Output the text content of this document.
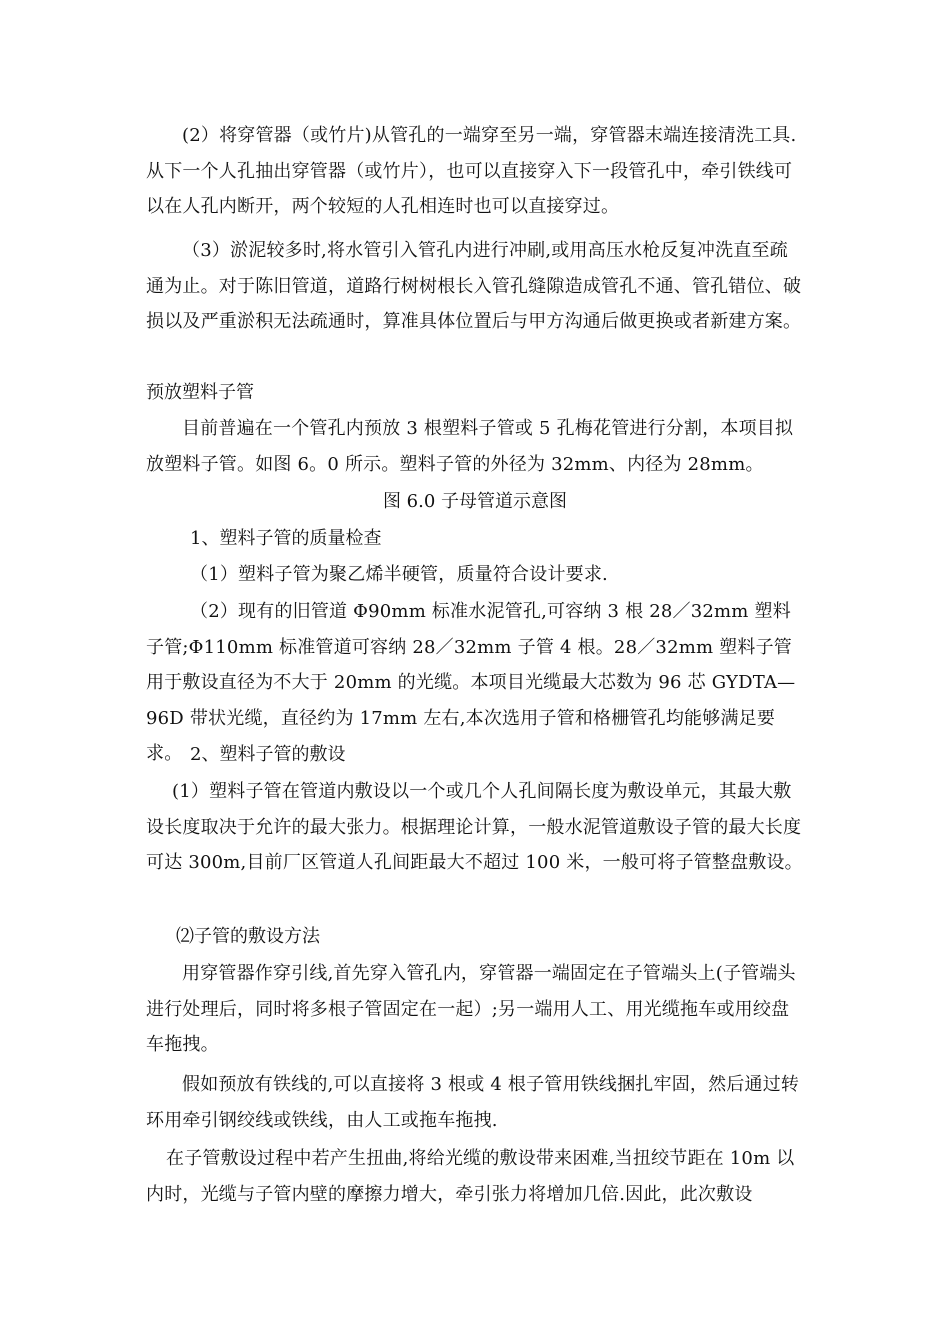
(2）将穿管器（或竹片)从管孔的一端穿至另一端，穿管器末端连接清洗工具.从下一个人孔抽出穿管器（或竹片），也可以直接穿入下一段管孔中，牵引铁线可以在人孔内断开，两个较短的人孔相连时也可以直接穿过。

（3）淤泥较多时,将水管引入管孔内进行冲刷,或用高压水枪反复冲洗直至疏通为止。对于陈旧管道，道路行树树根长入管孔缝隙造成管孔不通、管孔错位、破损以及严重淤积无法疏通时，算准具体位置后与甲方沟通后做更换或者新建方案。

预放塑料子管

目前普遍在一个管孔内预放 3 根塑料子管或 5 孔梅花管进行分割，本项目拟放塑料子管。如图 6。0 所示。塑料子管的外径为 32mm、内径为 28mm。

图 6.0 子母管道示意图

1、塑料子管的质量检查

（1）塑料子管为聚乙烯半硬管，质量符合设计要求.

（2）现有的旧管道 Φ90mm 标准水泥管孔,可容纳 3 根 28／32mm 塑料子管;Φ110mm 标准管道可容纳 28／32mm 子管 4 根。28／32mm 塑料子管用于敷设直径为不大于 20mm 的光缆。本项目光缆最大芯数为 96 芯 GYDTA—96D 带状光缆，直径约为 17mm 左右,本次选用子管和格栅管孔均能够满足要求。 2、塑料子管的敷设

(1）塑料子管在管道内敷设以一个或几个人孔间隔长度为敷设单元，其最大敷设长度取决于允许的最大张力。根据理论计算，一般水泥管道敷设子管的最大长度可达 300m,目前厂区管道人孔间距最大不超过 100 米，一般可将子管整盘敷设。

⑵子管的敷设方法

用穿管器作穿引线,首先穿入管孔内，穿管器一端固定在子管端头上(子管端头进行处理后，同时将多根子管固定在一起）;另一端用人工、用光缆拖车或用绞盘车拖拽。

假如预放有铁线的,可以直接将 3 根或 4 根子管用铁线捆扎牢固，然后通过转环用牵引钢绞线或铁线，由人工或拖车拖拽.

在子管敷设过程中若产生扭曲,将给光缆的敷设带来困难,当扭绞节距在 10m 以内时，光缆与子管内壁的摩擦力增大，牵引张力将增加几倍.因此，此次敷设
